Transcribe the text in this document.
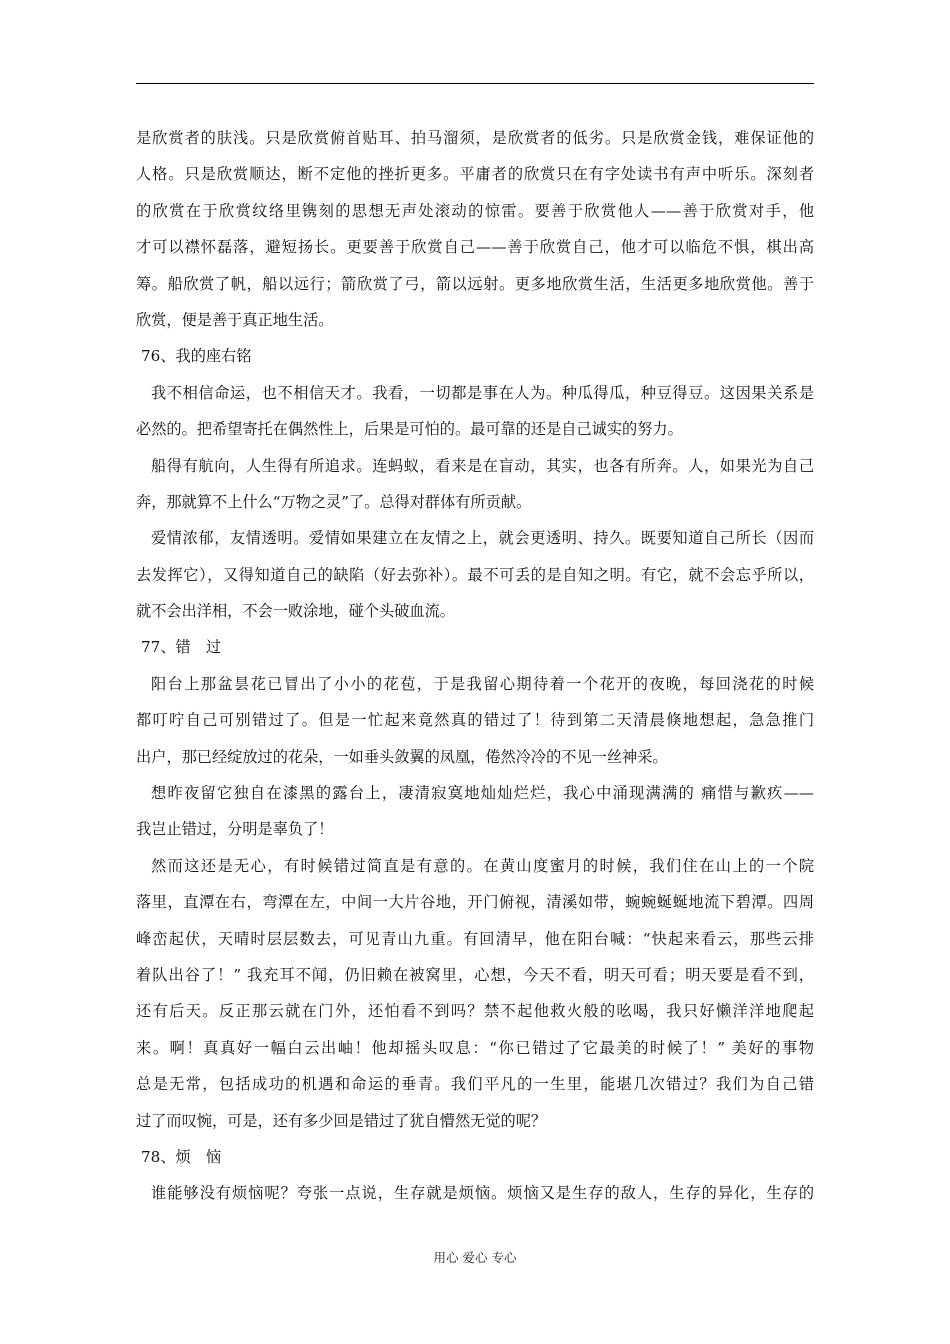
是欣赏者的肤浅。只是欣赏俯首贴耳、拍马溜须，是欣赏者的低劣。只是欣赏金钱，难保证他的
人格。只是欣赏顺达，断不定他的挫折更多。平庸者的欣赏只在有字处读书有声中听乐。深刻者
的欣赏在于欣赏纹络里镌刻的思想无声处滚动的惊雷。要善于欣赏他人——善于欣赏对手，他
才可以襟怀磊落，避短扬长。更要善于欣赏自己——善于欣赏自己，他才可以临危不惧，棋出高
筹。船欣赏了帆，船以远行；箭欣赏了弓，箭以远射。更多地欣赏生活，生活更多地欣赏他。善于
欣赏，便是善于真正地生活。
76、我的座右铭
我不相信命运，也不相信天才。我看，一切都是事在人为。种瓜得瓜，种豆得豆。这因果关系是
必然的。把希望寄托在偶然性上，后果是可怕的。最可靠的还是自己诚实的努力。
船得有航向，人生得有所追求。连蚂蚁，看来是在盲动，其实，也各有所奔。人，如果光为自己
奔，那就算不上什么“万物之灵”了。总得对群体有所贡献。
爱情浓郁，友情透明。爱情如果建立在友情之上，就会更透明、持久。既要知道自己所长（因而
去发挥它），又得知道自己的缺陷（好去弥补）。最不可丢的是自知之明。有它，就不会忘乎所以，
就不会出洋相，不会一败涂地，碰个头破血流。
77、错　过
阳台上那盆昙花已冒出了小小的花苞，于是我留心期待着一个花开的夜晚，每回浇花的时候
都叮咛自己可别错过了。但是一忙起来竟然真的错过了！待到第二天清晨倏地想起，急急推门
出户，那已经绽放过的花朵，一如垂头敛翼的凤凰，倦然冷冷的不见一丝神采。
想昨夜留它独自在漆黑的露台上，凄清寂寞地灿灿烂烂，我心中涌现满满的 痛惜与歉疚——
我岂止错过，分明是辜负了！
然而这还是无心，有时候错过简直是有意的。在黄山度蜜月的时候，我们住在山上的一个院
落里，直潭在右，弯潭在左，中间一大片谷地，开门俯视，清溪如带，蜿蜿蜒蜒地流下碧潭。四周
峰峦起伏，天晴时层层数去，可见青山九重。有回清早，他在阳台喊：“快起来看云，那些云排
着队出谷了！” 我充耳不闻，仍旧赖在被窝里，心想，今天不看，明天可看；明天要是看不到，
还有后天。反正那云就在门外，还怕看不到吗？禁不起他救火般的吆喝，我只好懒洋洋地爬起
来。啊！真真好一幅白云出岫！他却摇头叹息：“你已错过了它最美的时候了！” 美好的事物
总是无常，包括成功的机遇和命运的垂青。我们平凡的一生里，能堪几次错过？我们为自己错
过了而叹惋，可是，还有多少回是错过了犹自懵然无觉的呢？
78、烦　恼
谁能够没有烦恼呢？夸张一点说，生存就是烦恼。烦恼又是生存的敌人，生存的异化，生存的
用心 爱心 专心
